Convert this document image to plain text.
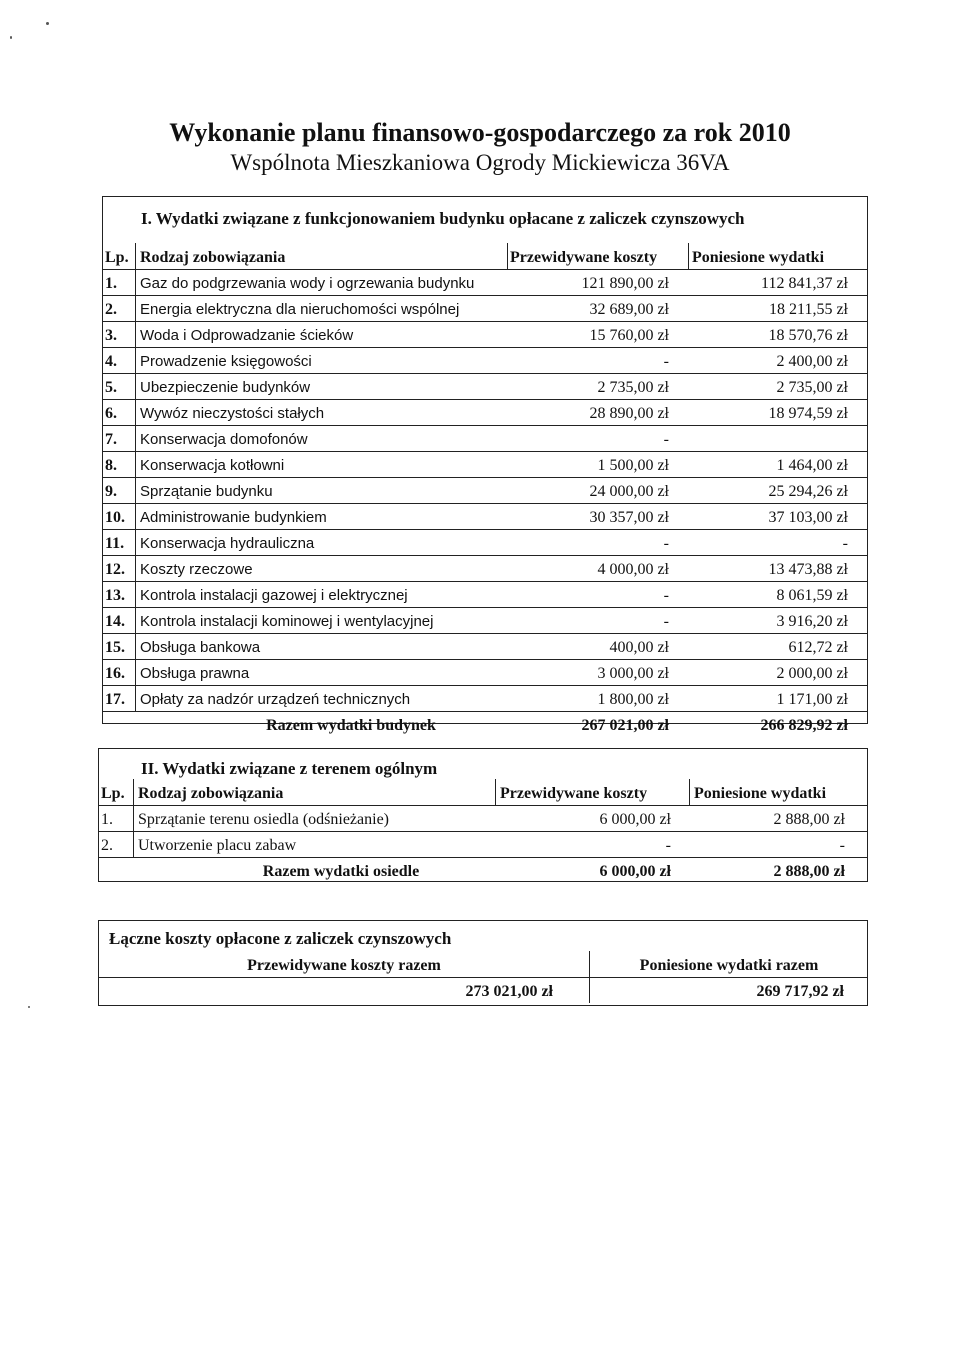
Wykonanie planu finansowo-gospodarczego za rok 2010
Wspólnota Mieszkaniowa Ogrody Mickiewicza 36VA
I. Wydatki związane z funkcjonowaniem budynku opłacane z zaliczek czynszowych
Lp. Rodzaj zobowiązania	Przewidywane koszty	Poniesione wydatki
1.	Gaz do podgrzewania wody i ogrzewania budynku	121 890,00 zł	112 841,37 zł
2.	Energia elektryczna dla nieruchomości wspólnej	32 689,00 zł	18 211,55 zł
3.	Woda i Odprowadzanie ścieków	15 760,00 zł	18 570,76 zł
4.	Prowadzenie księgowości	-	2 400,00 zł
5.	Ubezpieczenie budynków	2 735,00 zł	2 735,00 zł
6.	Wywóz nieczystości stałych	28 890,00 zł	18 974,59 zł
7.	Konserwacja domofonów	-
8.	Konserwacja kotłowni	1 500,00 zł	1 464,00 zł
9.	Sprzątanie budynku	24 000,00 zł	25 294,26 zł
10.	Administrowanie budynkiem	30 357,00 zł	37 103,00 zł
11.	Konserwacja hydrauliczna	-	-
12.	Koszty rzeczowe	4 000,00 zł	13 473,88 zł
13.	Kontrola instalacji gazowej i elektrycznej	-	8 061,59 zł
14.	Kontrola instalacji kominowej i wentylacyjnej	-	3 916,20 zł
15.	Obsługa bankowa	400,00 zł	612,72 zł
16.	Obsługa prawna	3 000,00 zł	2 000,00 zł
17.	Opłaty za nadzór urządzeń technicznych	1 800,00 zł	1 171,00 zł
Razem wydatki budynek	267 021,00 zł	266 829,92 zł
II. Wydatki związane z terenem ogólnym
Lp. Rodzaj zobowiązania	Przewidywane koszty	Poniesione wydatki
1.	Sprzątanie terenu osiedla (odśnieżanie)	6 000,00 zł	2 888,00 zł
2.	Utworzenie placu zabaw	-	-
Razem wydatki osiedle	6 000,00 zł	2 888,00 zł
Łączne koszty opłacone z zaliczek czynszowych
Przewidywane koszty razem	Poniesione wydatki razem
273 021,00 zł	269 717,92 zł
